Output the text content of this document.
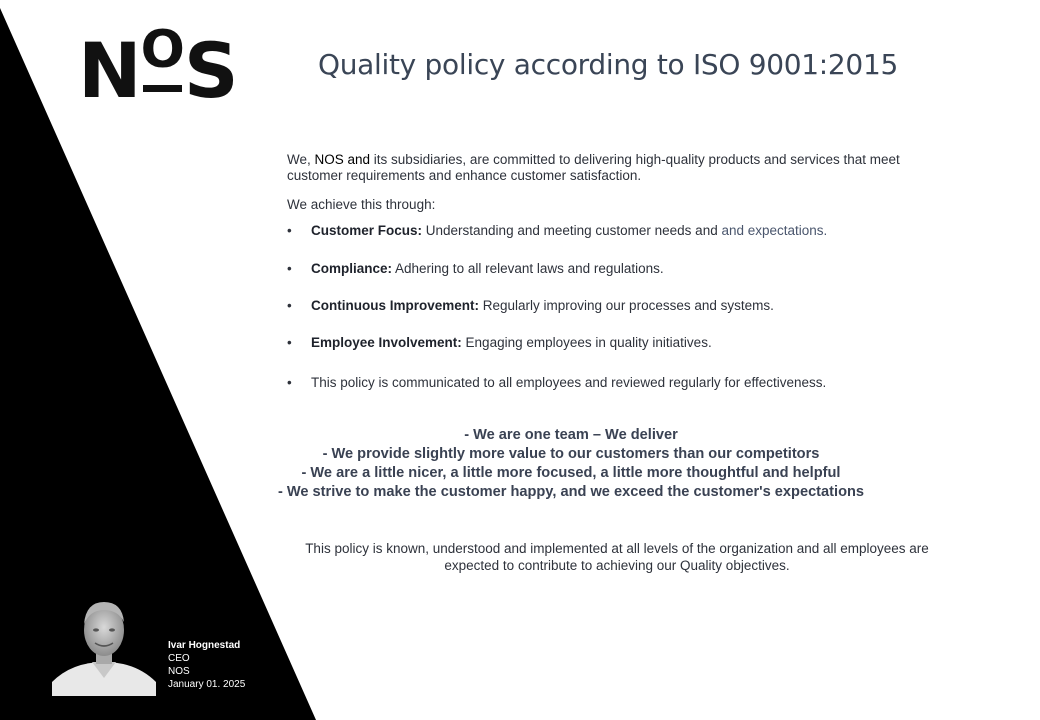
NOS	Quality policy according to ISO 9001:2015

We, NOS and its subsidiaries, are committed to delivering high-quality products and services that meet customer requirements and enhance customer satisfaction.

We achieve this through:

• Customer Focus: Understanding and meeting customer needs and and expectations.
• Compliance: Adhering to all relevant laws and regulations.
• Continuous Improvement: Regularly improving our processes and systems.
• Employee Involvement: Engaging employees in quality initiatives.
• This policy is communicated to all employees and reviewed regularly for effectiveness.
- We are one team – We deliver
- We provide slightly more value to our customers than our competitors
- We are a little nicer, a little more focused, a little more thoughtful and helpful
- We strive to make the customer happy, and we exceed the customer's expectations
This policy is known, understood and implemented at all levels of the organization and all employees are expected to contribute to achieving our Quality objectives.
Ivar Hognestad
CEO
NOS
January 01. 2025
